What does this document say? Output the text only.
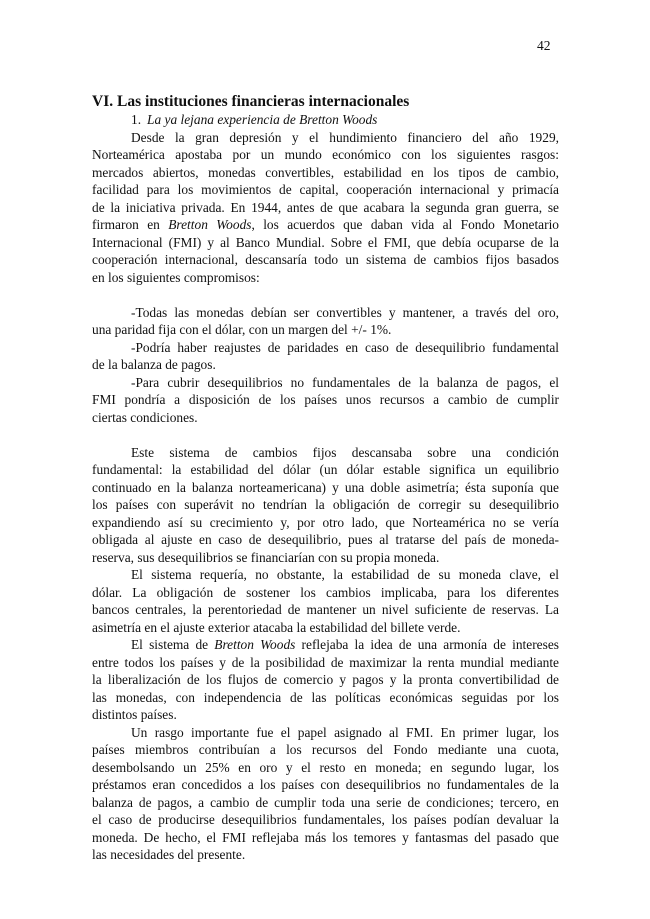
42
VI. Las instituciones financieras internacionales
1. La ya lejana experiencia de Bretton Woods
Desde la gran depresión y el hundimiento financiero del año 1929,
Norteamérica apostaba por un mundo económico con los siguientes rasgos:
mercados abiertos, monedas convertibles, estabilidad en los tipos de cambio,
facilidad para los movimientos de capital, cooperación internacional y primacía
de la iniciativa privada. En 1944, antes de que acabara la segunda gran guerra, se
firmaron en Bretton Woods, los acuerdos que daban vida al Fondo Monetario
Internacional (FMI) y al Banco Mundial. Sobre el FMI, que debía ocuparse de la
cooperación internacional, descansaría todo un sistema de cambios fijos basados
en los siguientes compromisos:
-Todas las monedas debían ser convertibles y mantener, a través del oro,
una paridad fija con el dólar, con un margen del +/- 1%.
-Podría haber reajustes de paridades en caso de desequilibrio fundamental
de la balanza de pagos.
-Para cubrir desequilibrios no fundamentales de la balanza de pagos, el
FMI pondría a disposición de los países unos recursos a cambio de cumplir
ciertas condiciones.
Este sistema de cambios fijos descansaba sobre una condición
fundamental: la estabilidad del dólar (un dólar estable significa un equilibrio
continuado en la balanza norteamericana) y una doble asimetría; ésta suponía que
los países con superávit no tendrían la obligación de corregir su desequilibrio
expandiendo así su crecimiento y, por otro lado, que Norteamérica no se vería
obligada al ajuste en caso de desequilibrio, pues al tratarse del país de moneda-
reserva, sus desequilibrios se financiarían con su propia moneda.
El sistema requería, no obstante, la estabilidad de su moneda clave, el
dólar. La obligación de sostener los cambios implicaba, para los diferentes
bancos centrales, la perentoriedad de mantener un nivel suficiente de reservas. La
asimetría en el ajuste exterior atacaba la estabilidad del billete verde.
El sistema de Bretton Woods reflejaba la idea de una armonía de intereses
entre todos los países y de la posibilidad de maximizar la renta mundial mediante
la liberalización de los flujos de comercio y pagos y la pronta convertibilidad de
las monedas, con independencia de las políticas económicas seguidas por los
distintos países.
Un rasgo importante fue el papel asignado al FMI. En primer lugar, los
países miembros contribuían a los recursos del Fondo mediante una cuota,
desembolsando un 25% en oro y el resto en moneda; en segundo lugar, los
préstamos eran concedidos a los países con desequilibrios no fundamentales de la
balanza de pagos, a cambio de cumplir toda una serie de condiciones; tercero, en
el caso de producirse desequilibrios fundamentales, los países podían devaluar la
moneda. De hecho, el FMI reflejaba más los temores y fantasmas del pasado que
las necesidades del presente.
